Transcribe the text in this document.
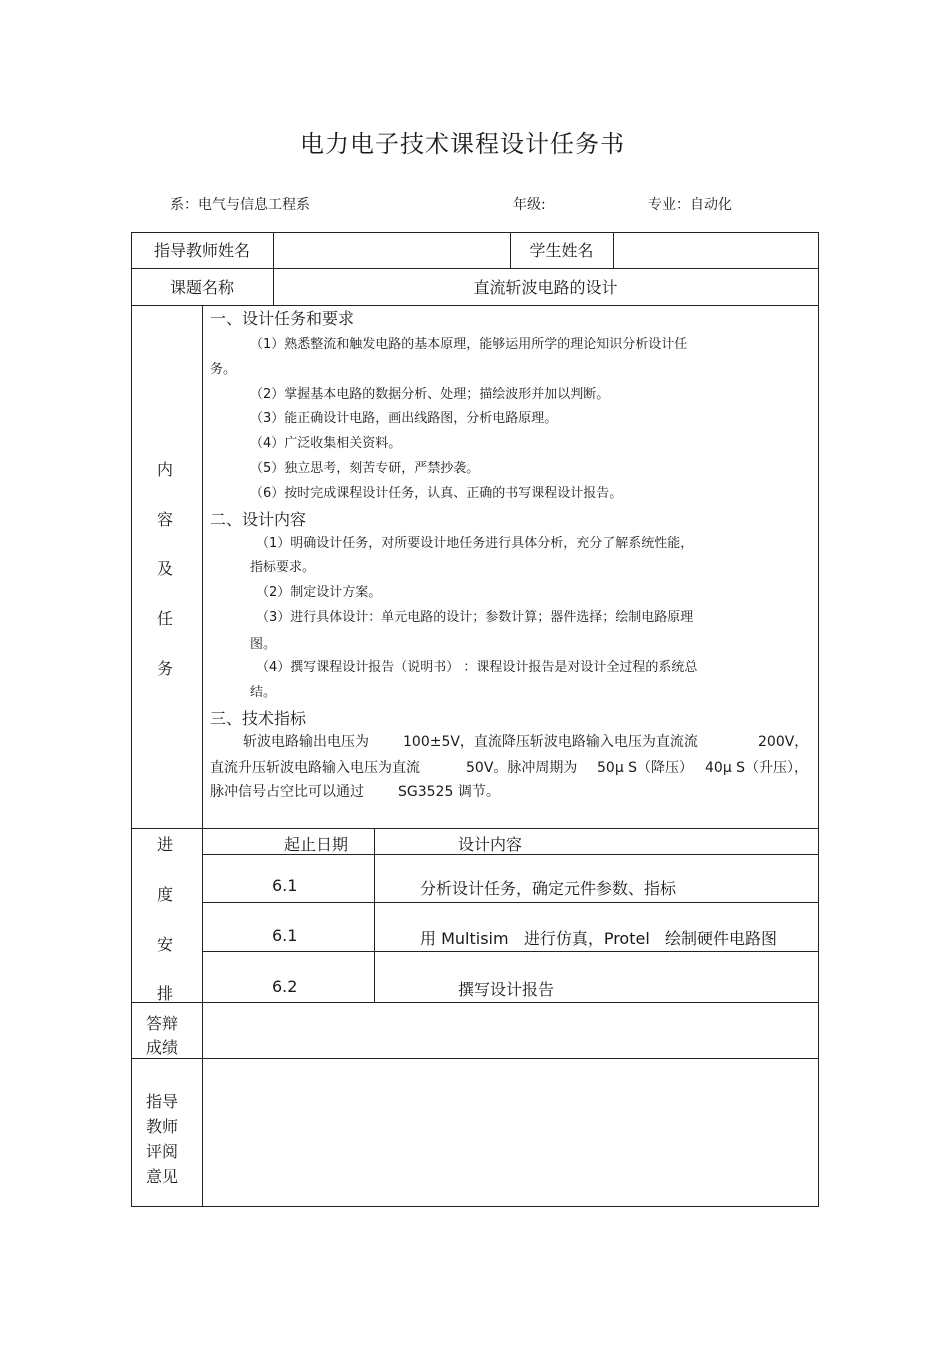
电力电子技术课程设计任务书
系：电气与信息工程系	年级:	专业：自动化
指导教师姓名	学生姓名
课题名称	直流斩波电路的设计
内
容
及
任
务
一、设计任务和要求
（1）熟悉整流和触发电路的基本原理，能够运用所学的理论知识分析设计任
务。
（2）掌握基本电路的数据分析、处理；描绘波形并加以判断。
（3）能正确设计电路，画出线路图，分析电路原理。
（4）广泛收集相关资料。
（5）独立思考，刻苦专研，严禁抄袭。
（6）按时完成课程设计任务，认真、正确的书写课程设计报告。
二、设计内容
（1）明确设计任务，对所要设计地任务进行具体分析，充分了解系统性能，
指标要求。
（2）制定设计方案。
（3）进行具体设计：单元电路的设计；参数计算；器件选择；绘制电路原理
图。
（4）撰写课程设计报告（说明书） ：课程设计报告是对设计全过程的系统总
结。
三、技术指标
斩波电路输出电压为 100±5V，直流降压斩波电路输入电压为直流流	200V，
直流升压斩波电路输入电压为直流	50V。脉冲周期为 50μ S（降压） 40μ S（升压），
脉冲信号占空比可以通过 SG3525 调节。
进
度
安
排
起止日期	设计内容
6.1	分析设计任务，确定元件参数、指标
6.1	用 Multisim   进行仿真，Protel   绘制硬件电路图
6.2	撰写设计报告
答辩
成绩
指导
教师
评阅
意见
